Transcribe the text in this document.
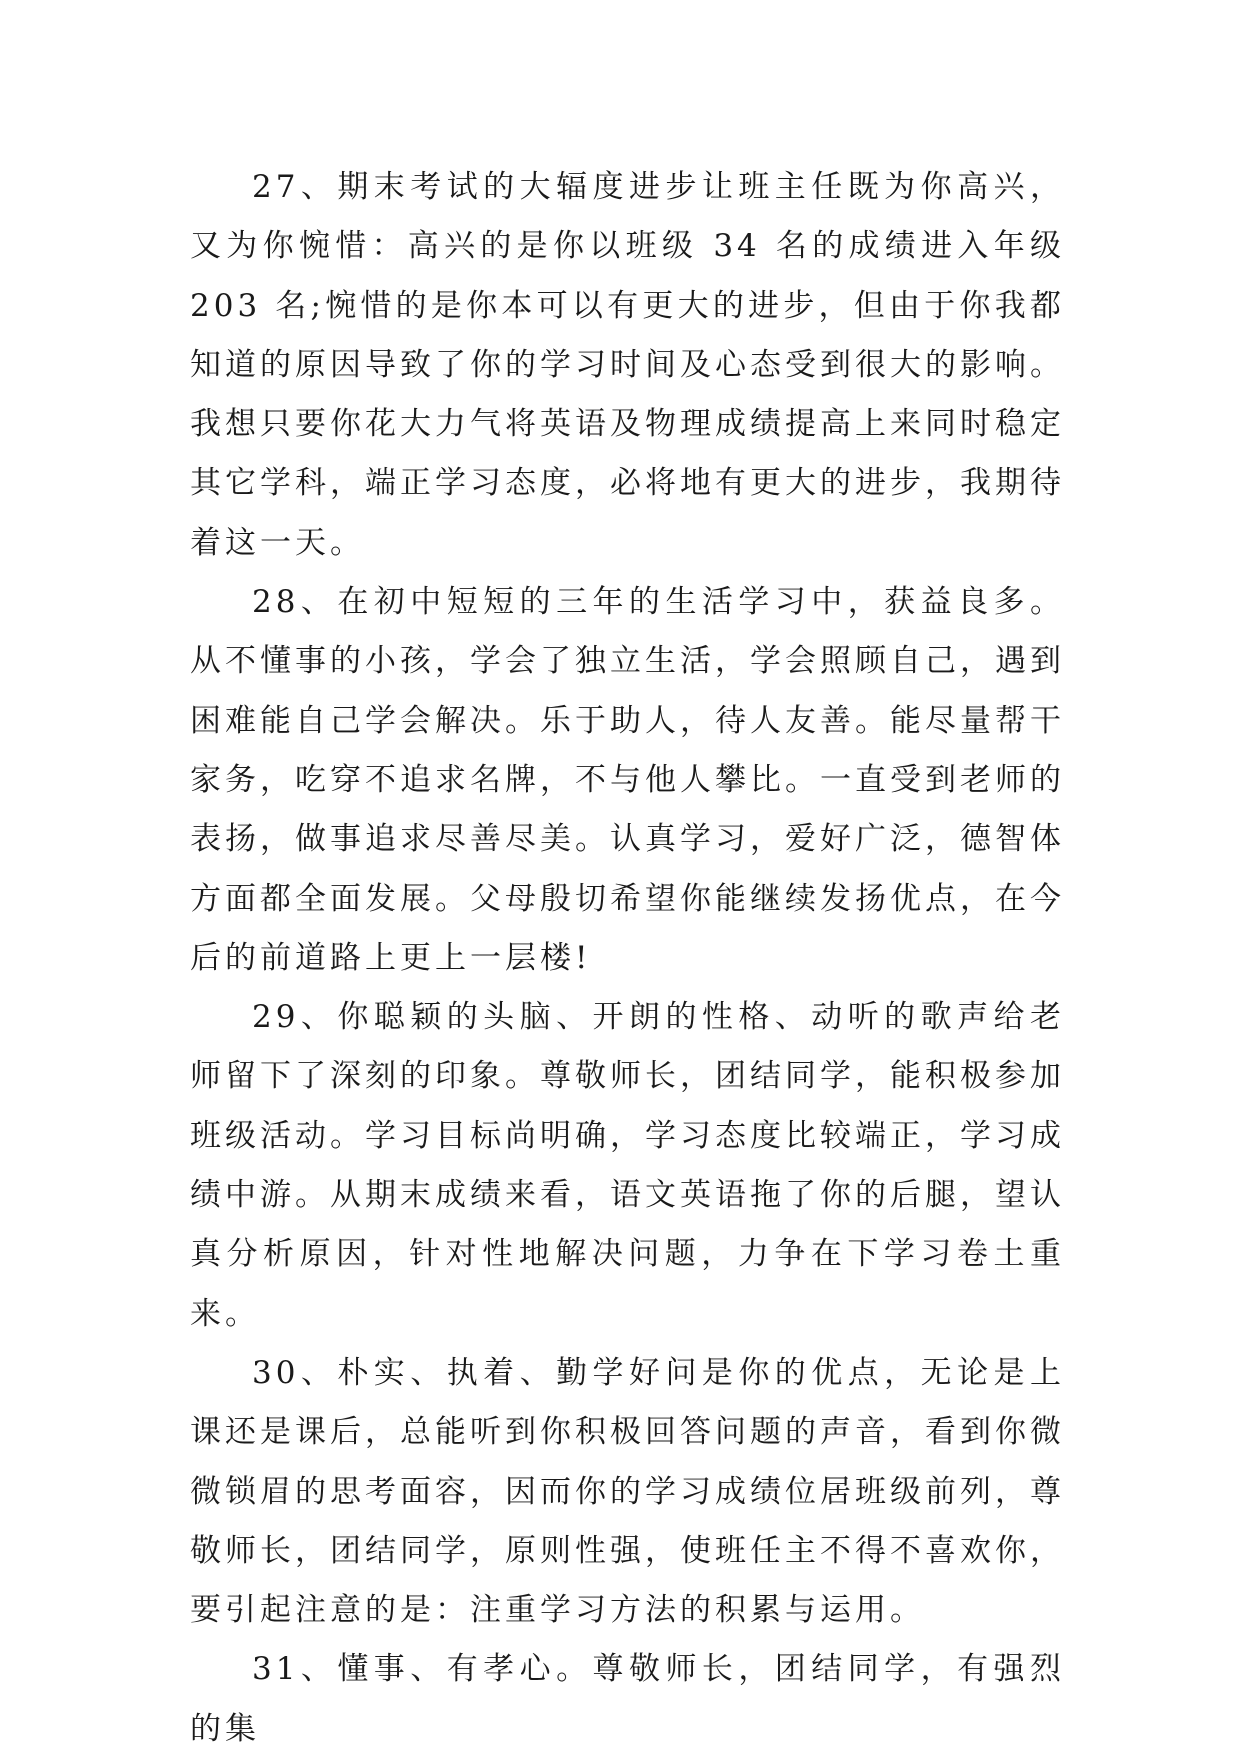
27、期末考试的大辐度进步让班主任既为你高兴，又为你惋惜：高兴的是你以班级 34 名的成绩进入年级 203 名;惋惜的是你本可以有更大的进步，但由于你我都知道的原因导致了你的学习时间及心态受到很大的影响。我想只要你花大力气将英语及物理成绩提高上来同时稳定其它学科，端正学习态度，必将地有更大的进步，我期待着这一天。

28、在初中短短的三年的生活学习中，获益良多。从不懂事的小孩，学会了独立生活，学会照顾自己，遇到困难能自己学会解决。乐于助人，待人友善。能尽量帮干家务，吃穿不追求名牌，不与他人攀比。一直受到老师的表扬，做事追求尽善尽美。认真学习，爱好广泛，德智体方面都全面发展。父母殷切希望你能继续发扬优点，在今后的前道路上更上一层楼!

29、你聪颖的头脑、开朗的性格、动听的歌声给老师留下了深刻的印象。尊敬师长，团结同学，能积极参加班级活动。学习目标尚明确，学习态度比较端正，学习成绩中游。从期末成绩来看，语文英语拖了你的后腿，望认真分析原因，针对性地解决问题，力争在下学习卷土重来。

30、朴实、执着、勤学好问是你的优点，无论是上课还是课后，总能听到你积极回答问题的声音，看到你微微锁眉的思考面容，因而你的学习成绩位居班级前列，尊敬师长，团结同学，原则性强，使班任主不得不喜欢你，要引起注意的是：注重学习方法的积累与运用。

31、懂事、有孝心。尊敬师长，团结同学，有强烈的集
